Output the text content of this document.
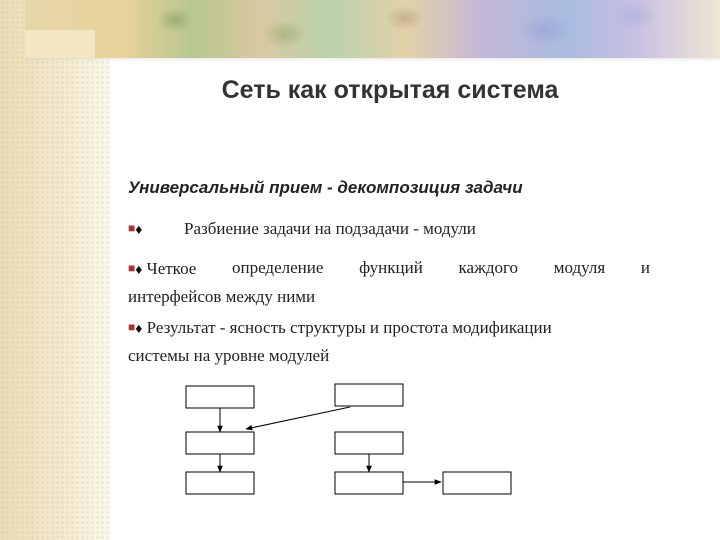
Сеть как открытая система
Универсальный прием - декомпозиция задачи
■♦ Разбиение задачи на подзадачи - модули
■♦ Четкое определение функций каждого модуля и
интерфейсов между ними
■♦ Результат - ясность структуры и простота модификации
системы на уровне модулей
